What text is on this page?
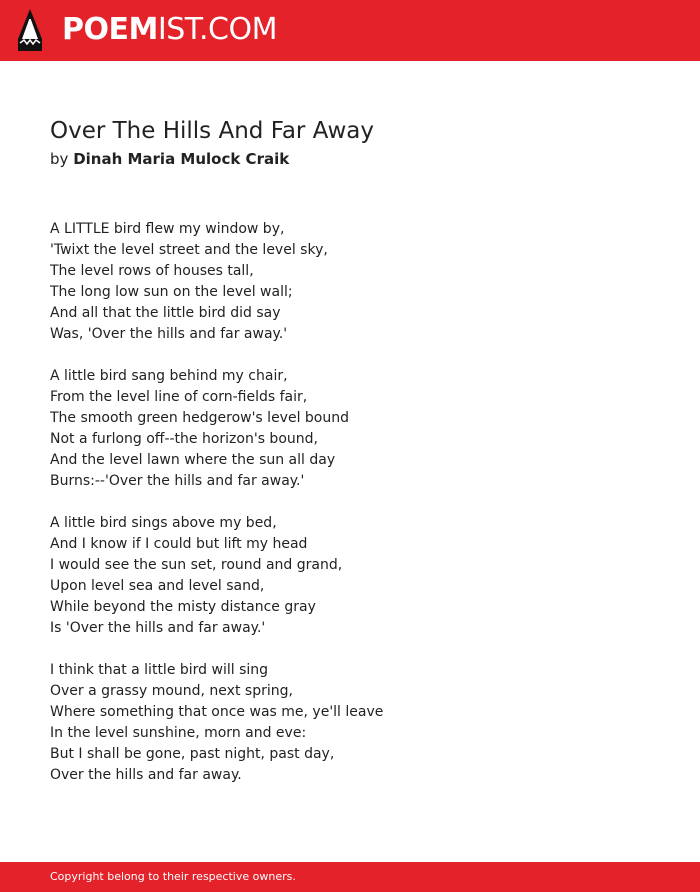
POEMIST.COM
Over The Hills And Far Away
by Dinah Maria Mulock Craik
A LITTLE bird flew my window by,
'Twixt the level street and the level sky,
The level rows of houses tall,
The long low sun on the level wall;
And all that the little bird did say
Was, 'Over the hills and far away.'
A little bird sang behind my chair,
From the level line of corn-fields fair,
The smooth green hedgerow's level bound
Not a furlong off--the horizon's bound,
And the level lawn where the sun all day
Burns:--'Over the hills and far away.'
A little bird sings above my bed,
And I know if I could but lift my head
I would see the sun set, round and grand,
Upon level sea and level sand,
While beyond the misty distance gray
Is 'Over the hills and far away.'
I think that a little bird will sing
Over a grassy mound, next spring,
Where something that once was me, ye'll leave
In the level sunshine, morn and eve:
But I shall be gone, past night, past day,
Over the hills and far away.
Copyright belong to their respective owners.
